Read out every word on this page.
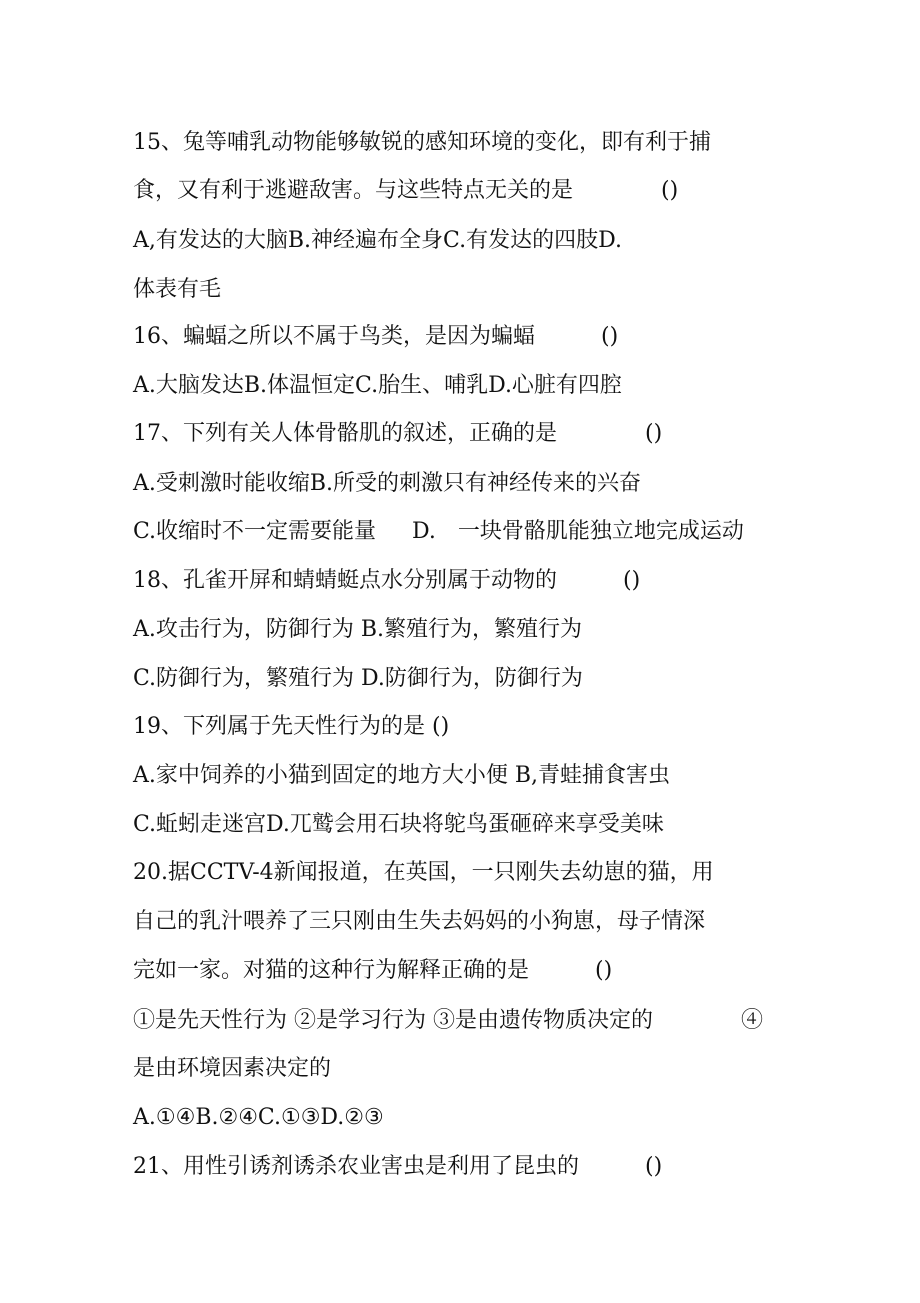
15、兔等哺乳动物能够敏锐的感知环境的变化，即有利于捕
食，又有利于逃避敌害。与这些特点无关的是　　　　()
A,有发达的大脑B.神经遍布全身C.有发达的四肢D.
体表有毛
16、蝙蝠之所以不属于鸟类，是因为蝙蝠　　　()
A.大脑发达B.体温恒定C.胎生、哺乳D.心脏有四腔
17、下列有关人体骨骼肌的叙述，正确的是　　　　()
A.受刺激时能收缩B.所受的刺激只有神经传来的兴奋
C.收缩时不一定需要能量　  D.　一块骨骼肌能独立地完成运动
18、孔雀开屏和蜻蜻蜓点水分别属于动物的　　　()
A.攻击行为，防御行为 B.繁殖行为，繁殖行为
C.防御行为，繁殖行为 D.防御行为，防御行为
19、下列属于先天性行为的是 ()
A.家中饲养的小猫到固定的地方大小便 B,青蛙捕食害虫
C.蚯蚓走迷宫D.兀鹫会用石块将鸵鸟蛋砸碎来享受美味
20.据CCTV-4新闻报道，在英国，一只刚失去幼崽的猫，用
自己的乳汁喂养了三只刚由生失去妈妈的小狗崽，母子情深
完如一家。对猫的这种行为解释正确的是　　　()
①是先天性行为 ②是学习行为 ③是由遗传物质决定的　　　　④
是由环境因素决定的
A.①④B.②④C.①③D.②③
21、用性引诱剂诱杀农业害虫是利用了昆虫的　　　()
